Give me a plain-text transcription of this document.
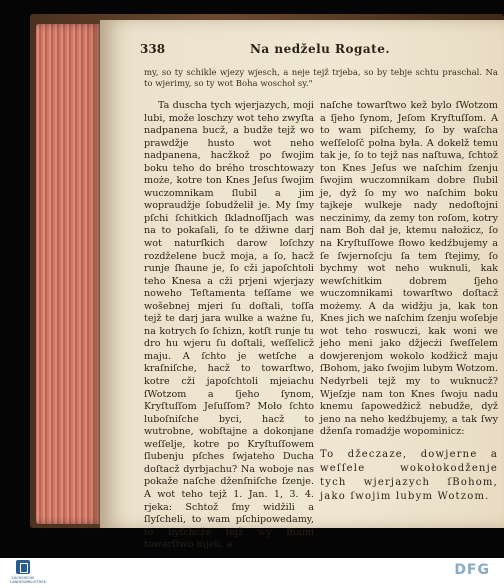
338	Na nedželu Rogate.
my, so ty schikle wjezy wjesch, a neje tejž trjeba, so by tebje schtu praschal. Na to wjerimy, so ty wot Boha woschoł sy."

Ta duscha tych wjerjazych, moji lubi, može loschzy wot teho zwyſta nadpanena bucž, a budže tejž wo prawdžje husto wot neho nadpanena, hacžkož po ſwojim boku teho do brého troschtowazy może, kotre ton Knes Jeſus ſwojim wuczomnikam ſlubil a jim wopraudžje ſobudželił je. My ſmy pſchi ſchitkich ſkladnoſſjach was na to pokaſali, ſo te džiwne darj wot naturſkich darow loſchzy rozdželene bucž moja, a ſo, hacž runje ſhaune je, ſo cži japoſchtoli teho Knesa a cži prjeni wjerjazy noweho Teſtamenta teſſame we wošebnej mjeri ſu doſtali, toſſa tejž te darj jara wulke a ważne ſu, na kotrych ſo ſchizn, kotſt runje tu dro hu wjeru ſu doſtali, weſſelicž maju. A ſchto je wetſche a kraſniſche, hacž to towarſtwo, kotre cži japoſchtoli mjeiachu ſWotzom a ſjeho ſynom, Kryſtuſſom Jeſuſſom? Moło ſchto luboſniſche byci, hacž to wutrobne, wobſtajne a dokonjane weſſelje, kotre po Kryſtuſſowem ſlubenju pſches ſwjateho Ducha doſtacž dyrbjachu? Na woboje nas pokaže naſche dženſniſche ſzenje. A wot teho tejž 1. Jan. 1, 3. 4. rjeka: Schtož ſmy widžili a ſlyſcheli, to wam pſchipowedamy, ſo byſchcže tejž wy ſnami towarſtwo mjeli, a

naſche towarſtwo kež bylo ſWotzom a ſjeho ſynom, Jeſom Kryſtuſſom. A to wam piſchemy, ſo by waſcha weſſeloſč połna była. A dokelž temu tak je, ſo to tejž nas naſtuwa, ſchtož ton Knes Jeſus we naſchim ſzenju ſwojim wuczomnikam dobre ſlubil je, dyž ſo my wo naſchim boku tajkeje wulkeje nady nedoſtojni neczinimy, da zemy ton roſom, kotry nam Boh dał je, ktemu nałożicz, ſo na Kryſtuſſowe ſłowo kedźbujemy a ſe ſwjernoſcju ſa tem ſtejimy, ſo bychmy wot neho wuknuli, kak wewſchitkim dobrem ſjeho wuczomnikami towarſtwo doſtacž możemy. A da widžju ja, kak ton Knes jich we naſchim ſzenju woſebje wot teho roswuczi, kak woni we jeho meni jako džjecżi ſweſſelem dowjerenjom wokolo kodžicž maju ſBohom, jako ſwojim lubym Wotzom. Nedyrbeli tejž my to wuknucž? Wjeſzje nam ton Knes ſwoju nadu knemu ſapowedžicž nebudže, dyž jeno na neho kedźbujemy, a tak ſwy dženſa romadźje wopominicz:

To džeczaze, dowjerne a weſſele wokołokodženje tych wjerjazych ſBohom, jako ſwojim lubym Wotzom.

SÄCHSISCHE LANDESBIBLIOTHEK
DFG
